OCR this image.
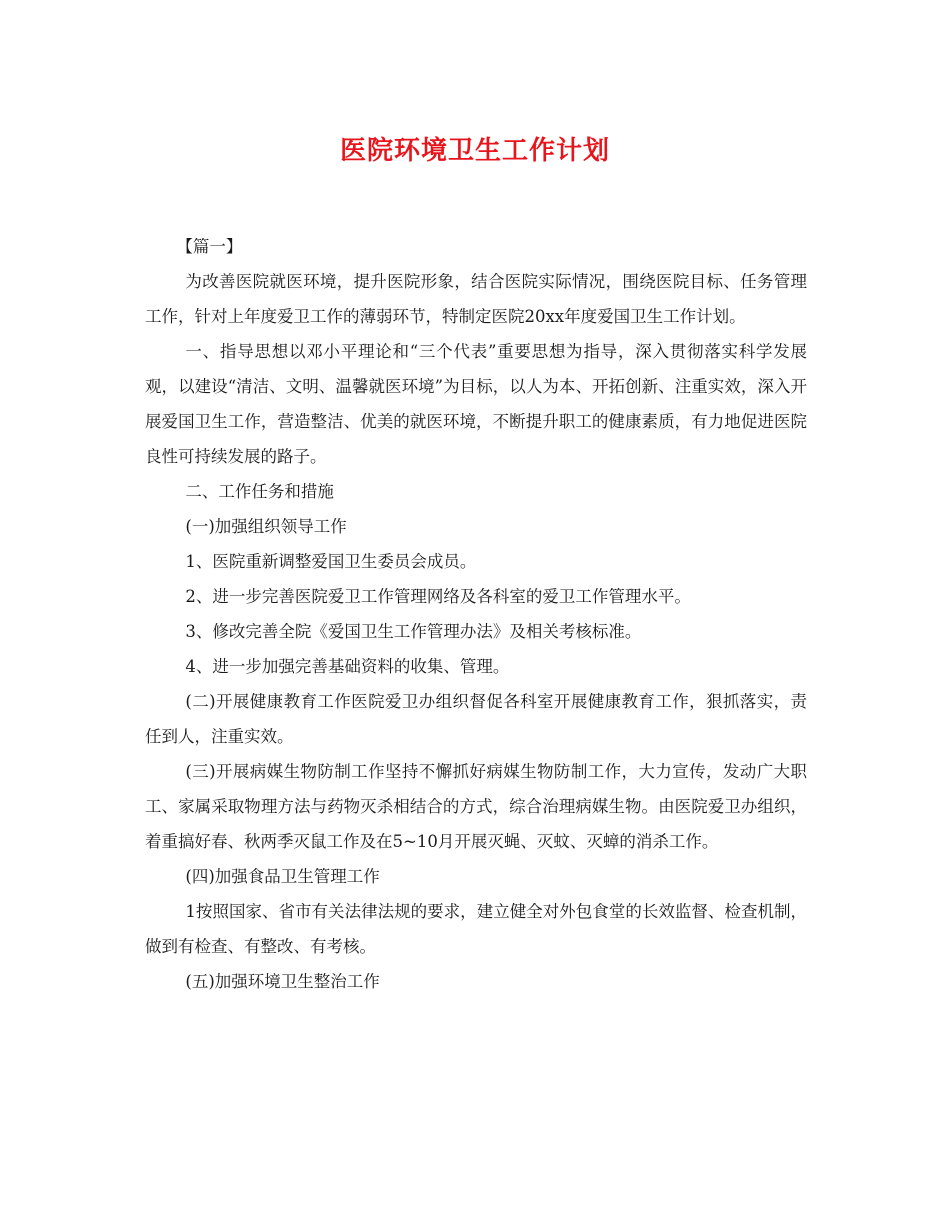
医院环境卫生工作计划

【篇一】

为改善医院就医环境，提升医院形象，结合医院实际情况，围绕医院目标、任务管理工作，针对上年度爱卫工作的薄弱环节，特制定医院20xx年度爱国卫生工作计划。

一、指导思想以邓小平理论和“三个代表”重要思想为指导，深入贯彻落实科学发展观，以建设“清洁、文明、温馨就医环境”为目标，以人为本、开拓创新、注重实效，深入开展爱国卫生工作，营造整洁、优美的就医环境，不断提升职工的健康素质，有力地促进医院良性可持续发展的路子。

二、工作任务和措施

(一)加强组织领导工作

1、医院重新调整爱国卫生委员会成员。

2、进一步完善医院爱卫工作管理网络及各科室的爱卫工作管理水平。

3、修改完善全院《爱国卫生工作管理办法》及相关考核标准。

4、进一步加强完善基础资料的收集、管理。

(二)开展健康教育工作医院爱卫办组织督促各科室开展健康教育工作，狠抓落实，责任到人，注重实效。

(三)开展病媒生物防制工作坚持不懈抓好病媒生物防制工作，大力宣传，发动广大职工、家属采取物理方法与药物灭杀相结合的方式，综合治理病媒生物。由医院爱卫办组织，着重搞好春、秋两季灭鼠工作及在5~10月开展灭蝇、灭蚊、灭蟑的消杀工作。

(四)加强食品卫生管理工作

1按照国家、省市有关法律法规的要求，建立健全对外包食堂的长效监督、检查机制，做到有检查、有整改、有考核。

(五)加强环境卫生整治工作
